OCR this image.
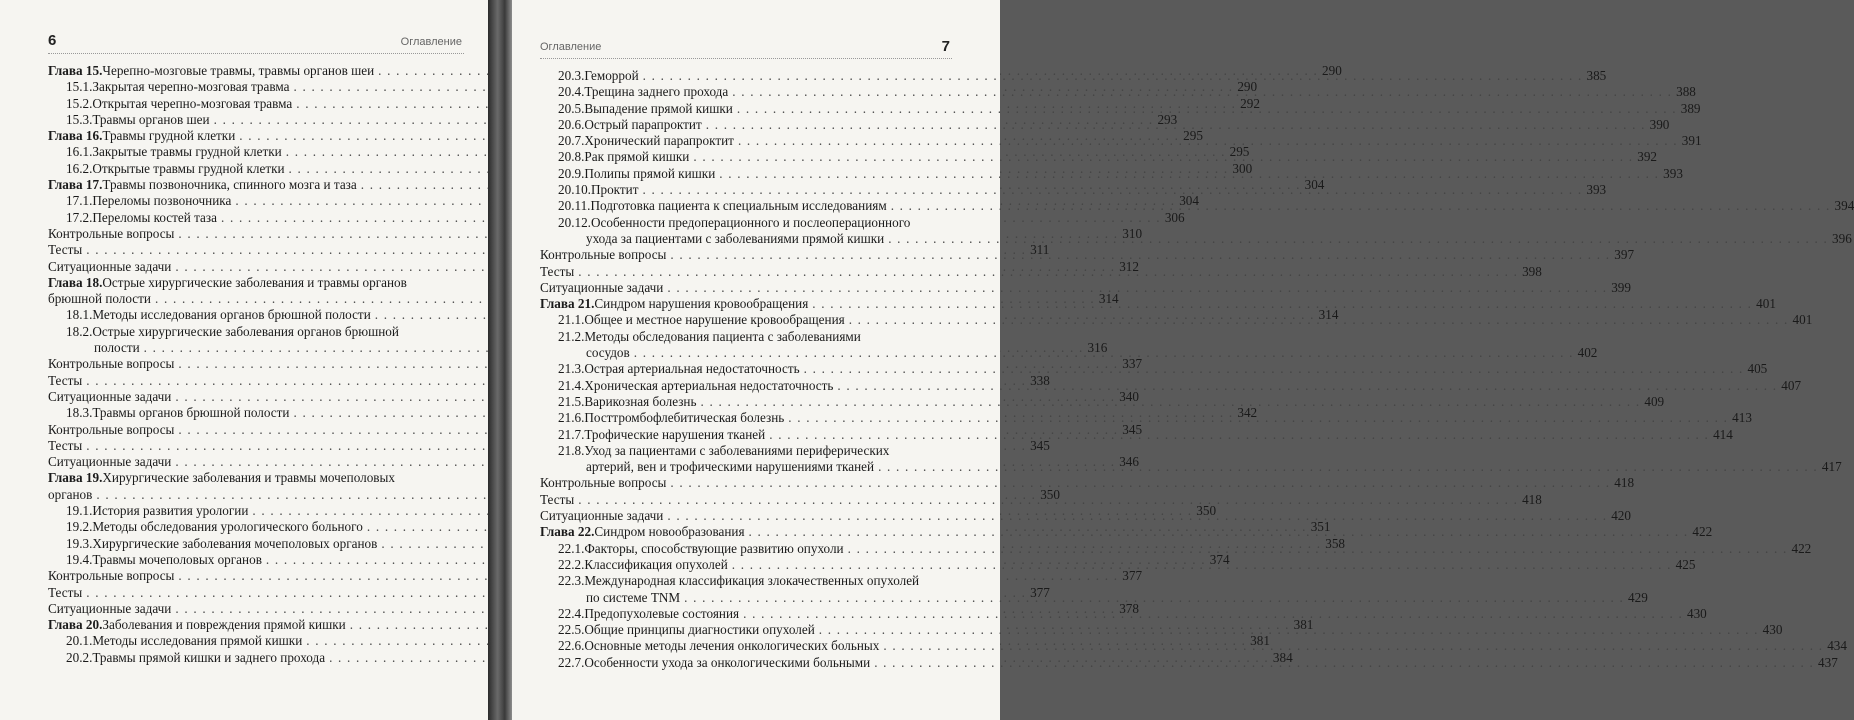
6	Оглавление
Глава 15. Черепно-мозговые травмы, травмы органов шеи . . .	290
15.1. Закрытая черепно-мозговая травма . . .	290
15.2. Открытая черепно-мозговая травма . . .	292
15.3. Травмы органов шеи . . .	293
Глава 16. Травмы грудной клетки . . .	295
16.1. Закрытые травмы грудной клетки . . .	295
16.2. Открытые травмы грудной клетки . . .	300
Глава 17. Травмы позвоночника, спинного мозга и таза . . .	304
17.1. Переломы позвоночника . . .	304
17.2. Переломы костей таза . . .	306
Контрольные вопросы . . .	310
Тесты . . .	311
Ситуационные задачи . . .	312
Глава 18. Острые хирургические заболевания и травмы органов
брюшной полости . . .	314
18.1. Методы исследования органов брюшной полости . . .	314
18.2. Острые хирургические заболевания органов брюшной
полости . . .	316
Контрольные вопросы . . .	337
Тесты . . .	338
Ситуационные задачи . . .	340
18.3. Травмы органов брюшной полости . . .	342
Контрольные вопросы . . .	345
Тесты . . .	345
Ситуационные задачи . . .	346
Глава 19. Хирургические заболевания и травмы мочеполовых
органов . . .	350
19.1. История развития урологии . . .	350
19.2. Методы обследования урологического больного . . .	351
19.3. Хирургические заболевания мочеполовых органов . . .	358
19.4. Травмы мочеполовых органов . . .	374
Контрольные вопросы . . .	377
Тесты . . .	377
Ситуационные задачи . . .	378
Глава 20. Заболевания и повреждения прямой кишки . . .	381
20.1. Методы исследования прямой кишки . . .	381
20.2. Травмы прямой кишки и заднего прохода . . .	384
Оглавление	7
20.3. Геморрой . . .	385
20.4. Трещина заднего прохода . . .	388
20.5. Выпадение прямой кишки . . .	389
20.6. Острый парапроктит . . .	390
20.7. Хронический парапроктит . . .	391
20.8. Рак прямой кишки . . .	392
20.9. Полипы прямой кишки . . .	393
20.10. Проктит . . .	393
20.11. Подготовка пациента к специальным исследованиям . . .	394
20.12. Особенности предоперационного и послеоперационного
ухода за пациентами с заболеваниями прямой кишки . . .	396
Контрольные вопросы . . .	397
Тесты . . .	398
Ситуационные задачи . . .	399
Глава 21. Синдром нарушения кровообращения . . .	401
21.1. Общее и местное нарушение кровообращения . . .	401
21.2. Методы обследования пациента с заболеваниями
сосудов . . .	402
21.3. Острая артериальная недостаточность . . .	405
21.4. Хроническая артериальная недостаточность . . .	407
21.5. Варикозная болезнь . . .	409
21.6. Посттромбофлебитическая болезнь . . .	413
21.7. Трофические нарушения тканей . . .	414
21.8. Уход за пациентами с заболеваниями периферических
артерий, вен и трофическими нарушениями тканей . . .	417
Контрольные вопросы . . .	418
Тесты . . .	418
Ситуационные задачи . . .	420
Глава 22. Синдром новообразования . . .	422
22.1. Факторы, способствующие развитию опухоли . . .	422
22.2. Классификация опухолей . . .	425
22.3. Международная классификация злокачественных опухолей
по системе TNM . . .	429
22.4. Предопухолевые состояния . . .	430
22.5. Общие принципы диагностики опухолей . . .	430
22.6. Основные методы лечения онкологических больных . . .	434
22.7. Особенности ухода за онкологическими больными . . .	437
